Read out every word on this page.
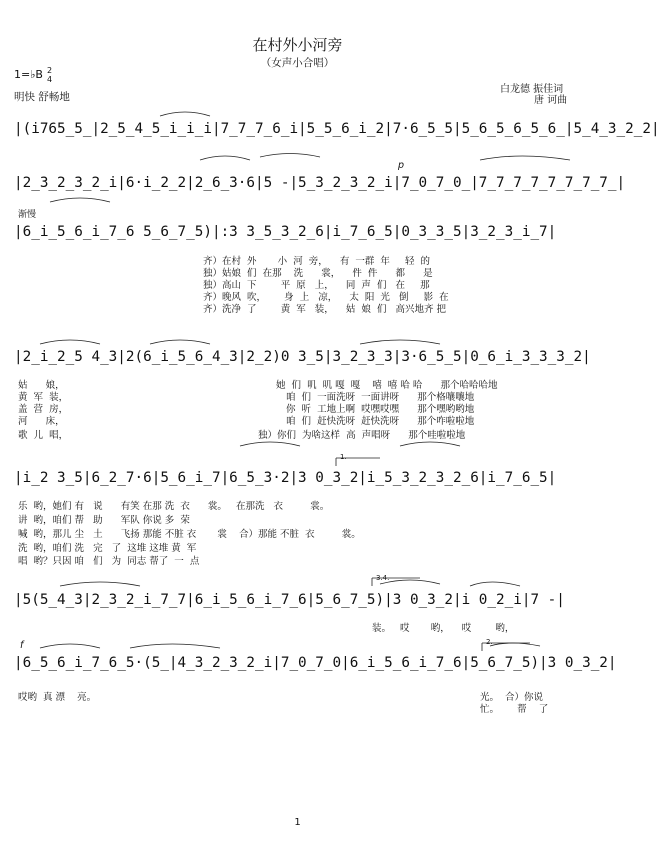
在村外小河旁
（女声小合唱）
1=♭B 2
4
明快 舒畅地
白龙德 振佳词
唐 诃曲
p
渐慢
1.
3.4.
f	2.
|(i765̲5̲|2̲5̲4̲5̲i̲i̲i|7̲7̲7̲6̲i|5̲5̲6̲i̲2|7·6̲5̲5|5̲6̲5̲6̲5̲6̲|5̲4̲3̲2̲2|
|2̲3̲2̲3̲2̲i|6·i̲2̲2|2̲6̲3·6|5 -|5̲3̲2̲3̲2̲i|7̲0̲7̲0̲|7̲7̲7̲7̲7̲7̲7̲7̲|
|6̲i̲5̲6̲i̲7̲6 5̲6̲7̲5)|:3 3̲5̲3̲2̲6|i̲7̲6̲5|0̲3̲3̲5|3̲2̲3̲i̲7|
|2̲i̲2̲5 4̲3|2(6̲i̲5̲6̲4̲3|2̲2)0 3̲5|3̲2̲3̲3|3·6̲5̲5|0̲6̲i̲3̲3̲3̲2|
|i̲2 3̲5|6̲2̲7·6|5̲6̲i̲7|6̲5̲3·2|3 0̲3̲2|i̲5̲3̲2̲3̲2̲6|i̲7̲6̲5|
|5(5̲4̲3|2̲3̲2̲i̲7̲7|6̲i̲5̲6̲i̲7̲6|5̲6̲7̲5)|3 0̲3̲2|i 0̲2̲i|7 -|
|6̲5̲6̲i̲7̲6̲5·(5̲|4̲3̲2̲3̲2̲i|7̲0̲7̲0|6̲i̲5̲6̲i̲7̲6|5̲6̲7̲5)|3 0̲3̲2|
齐）在村  外       小  河  旁，    有  一群  年     轻  的
独）姑娘  们  在那    洗      裳，    件  件      都      是
独）高山  下        平  原   上，    同  声  们   在     那
齐）晚风  吹，      身  上   凉，    太  阳  光   倒     影  在
齐）洗净  了        黄  军   装，    姑  娘  们   高兴地齐 把
姑      娘，
黄  军  装，
盖  营  房，
河      床，
歌  儿  唱，
她  们  叽  叽 嘎  嘎    嘻  嘻 哈 哈      那个哈哈哈地
咱  们  一面洗呀  一面讲呀      那个格嚷嚷地
你  听  工地上啊  哎嘿哎嘿      那个嘿哟哟地
咱  们  赶快洗呀  赶快洗呀      那个咋啦啦地
独）你们  为啥这样  高  声唱呀      那个哇啦啦地
乐  哟，她们 有   说      有笑 在那 洗  衣      裳。   在那洗   衣         裳。
讲  哟，咱们 帮   助      军队 你说 多  荣
喊  哟，那儿 尘   土      飞扬 那能 不脏 衣       裳    合）那能 不脏  衣         裳。
洗  哟，咱们 洗   完   了  这堆 这堆 黄  军
唱  哟？只因 咱   们   为  同志 帮了  一  点
装。   哎       哟，    哎        哟，
哎哟  真 漂    亮。	光。  合）你说
忙。      帮    了
1
